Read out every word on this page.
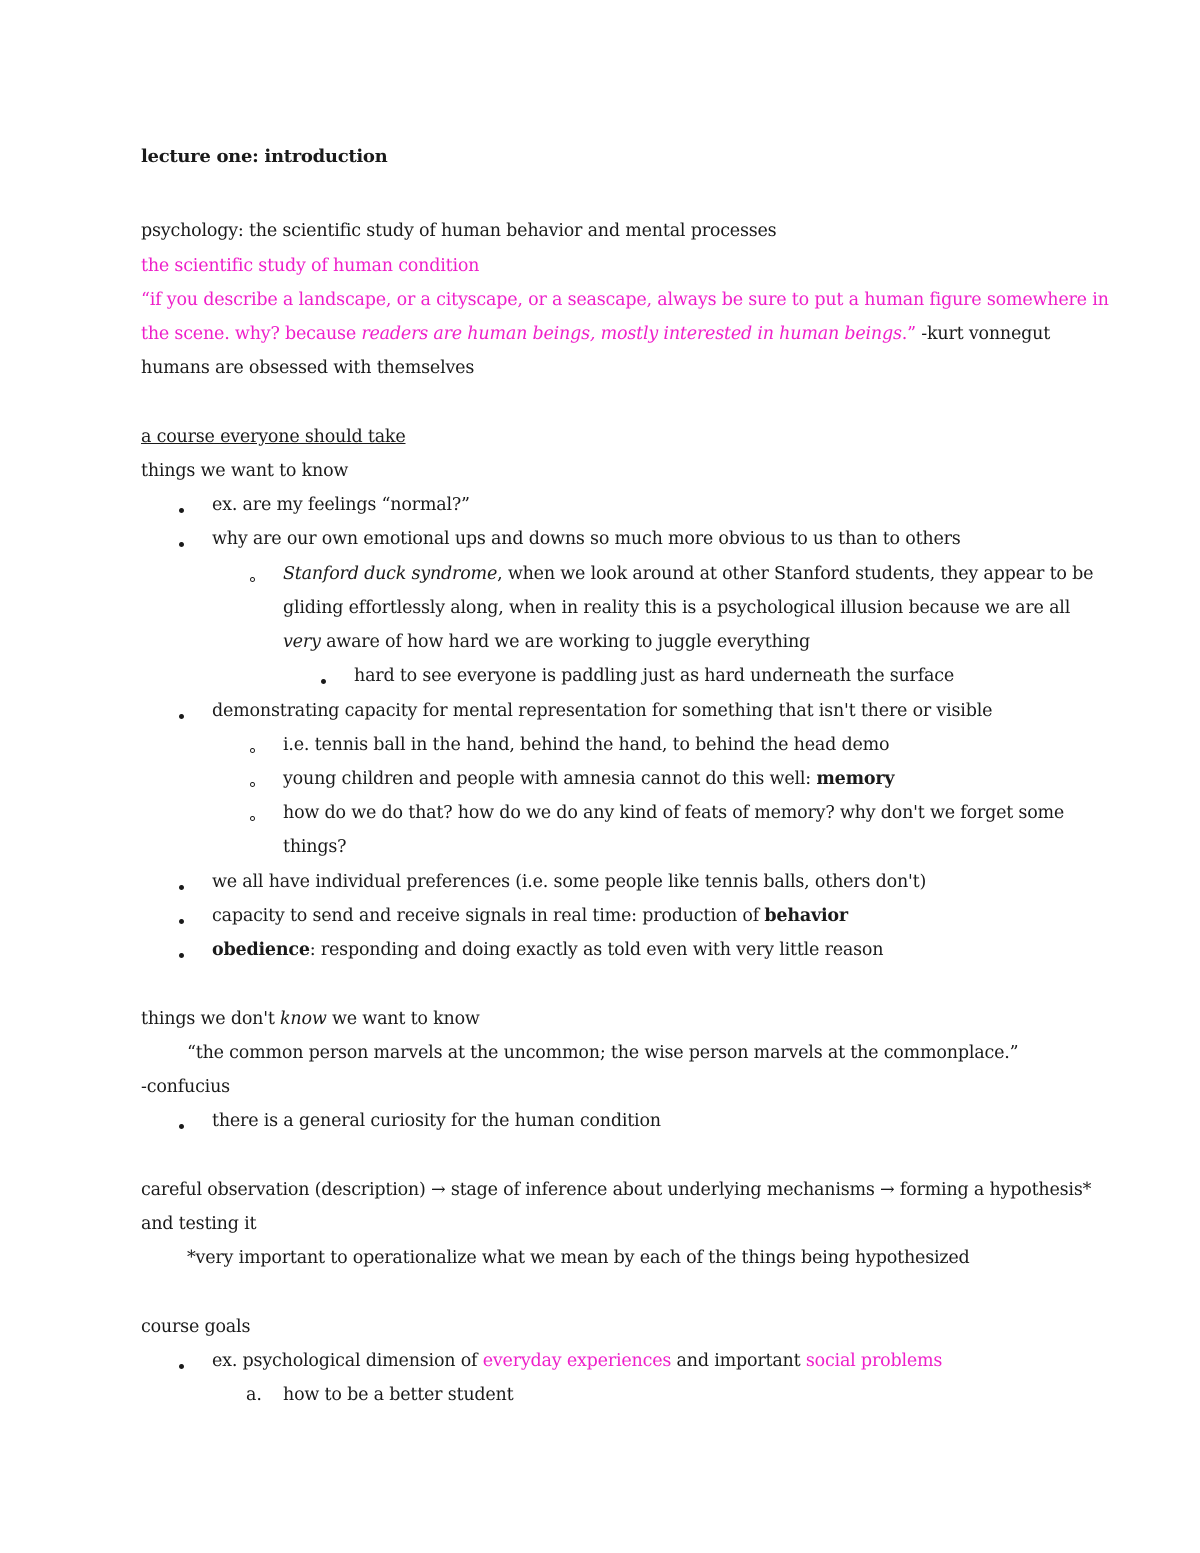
lecture one: introduction
psychology: the scientific study of human behavior and mental processes
the scientific study of human condition
“if you describe a landscape, or a cityscape, or a seascape, always be sure to put a human figure somewhere in
the scene. why? because readers are human beings, mostly interested in human beings.” -kurt vonnegut
humans are obsessed with themselves
a course everyone should take
things we want to know
ex. are my feelings “normal?”
why are our own emotional ups and downs so much more obvious to us than to others
Stanford duck syndrome, when we look around at other Stanford students, they appear to be
gliding effortlessly along, when in reality this is a psychological illusion because we are all
very aware of how hard we are working to juggle everything
hard to see everyone is paddling just as hard underneath the surface
demonstrating capacity for mental representation for something that isn't there or visible
i.e. tennis ball in the hand, behind the hand, to behind the head demo
young children and people with amnesia cannot do this well: memory
how do we do that? how do we do any kind of feats of memory? why don't we forget some
things?
we all have individual preferences (i.e. some people like tennis balls, others don't)
capacity to send and receive signals in real time: production of behavior
obedience: responding and doing exactly as told even with very little reason
things we don't know we want to know
“the common person marvels at the uncommon; the wise person marvels at the commonplace.”
-confucius
there is a general curiosity for the human condition
careful observation (description) → stage of inference about underlying mechanisms → forming a hypothesis*
and testing it
*very important to operationalize what we mean by each of the things being hypothesized
course goals
ex. psychological dimension of everyday experiences and important social problems
a. how to be a better student
